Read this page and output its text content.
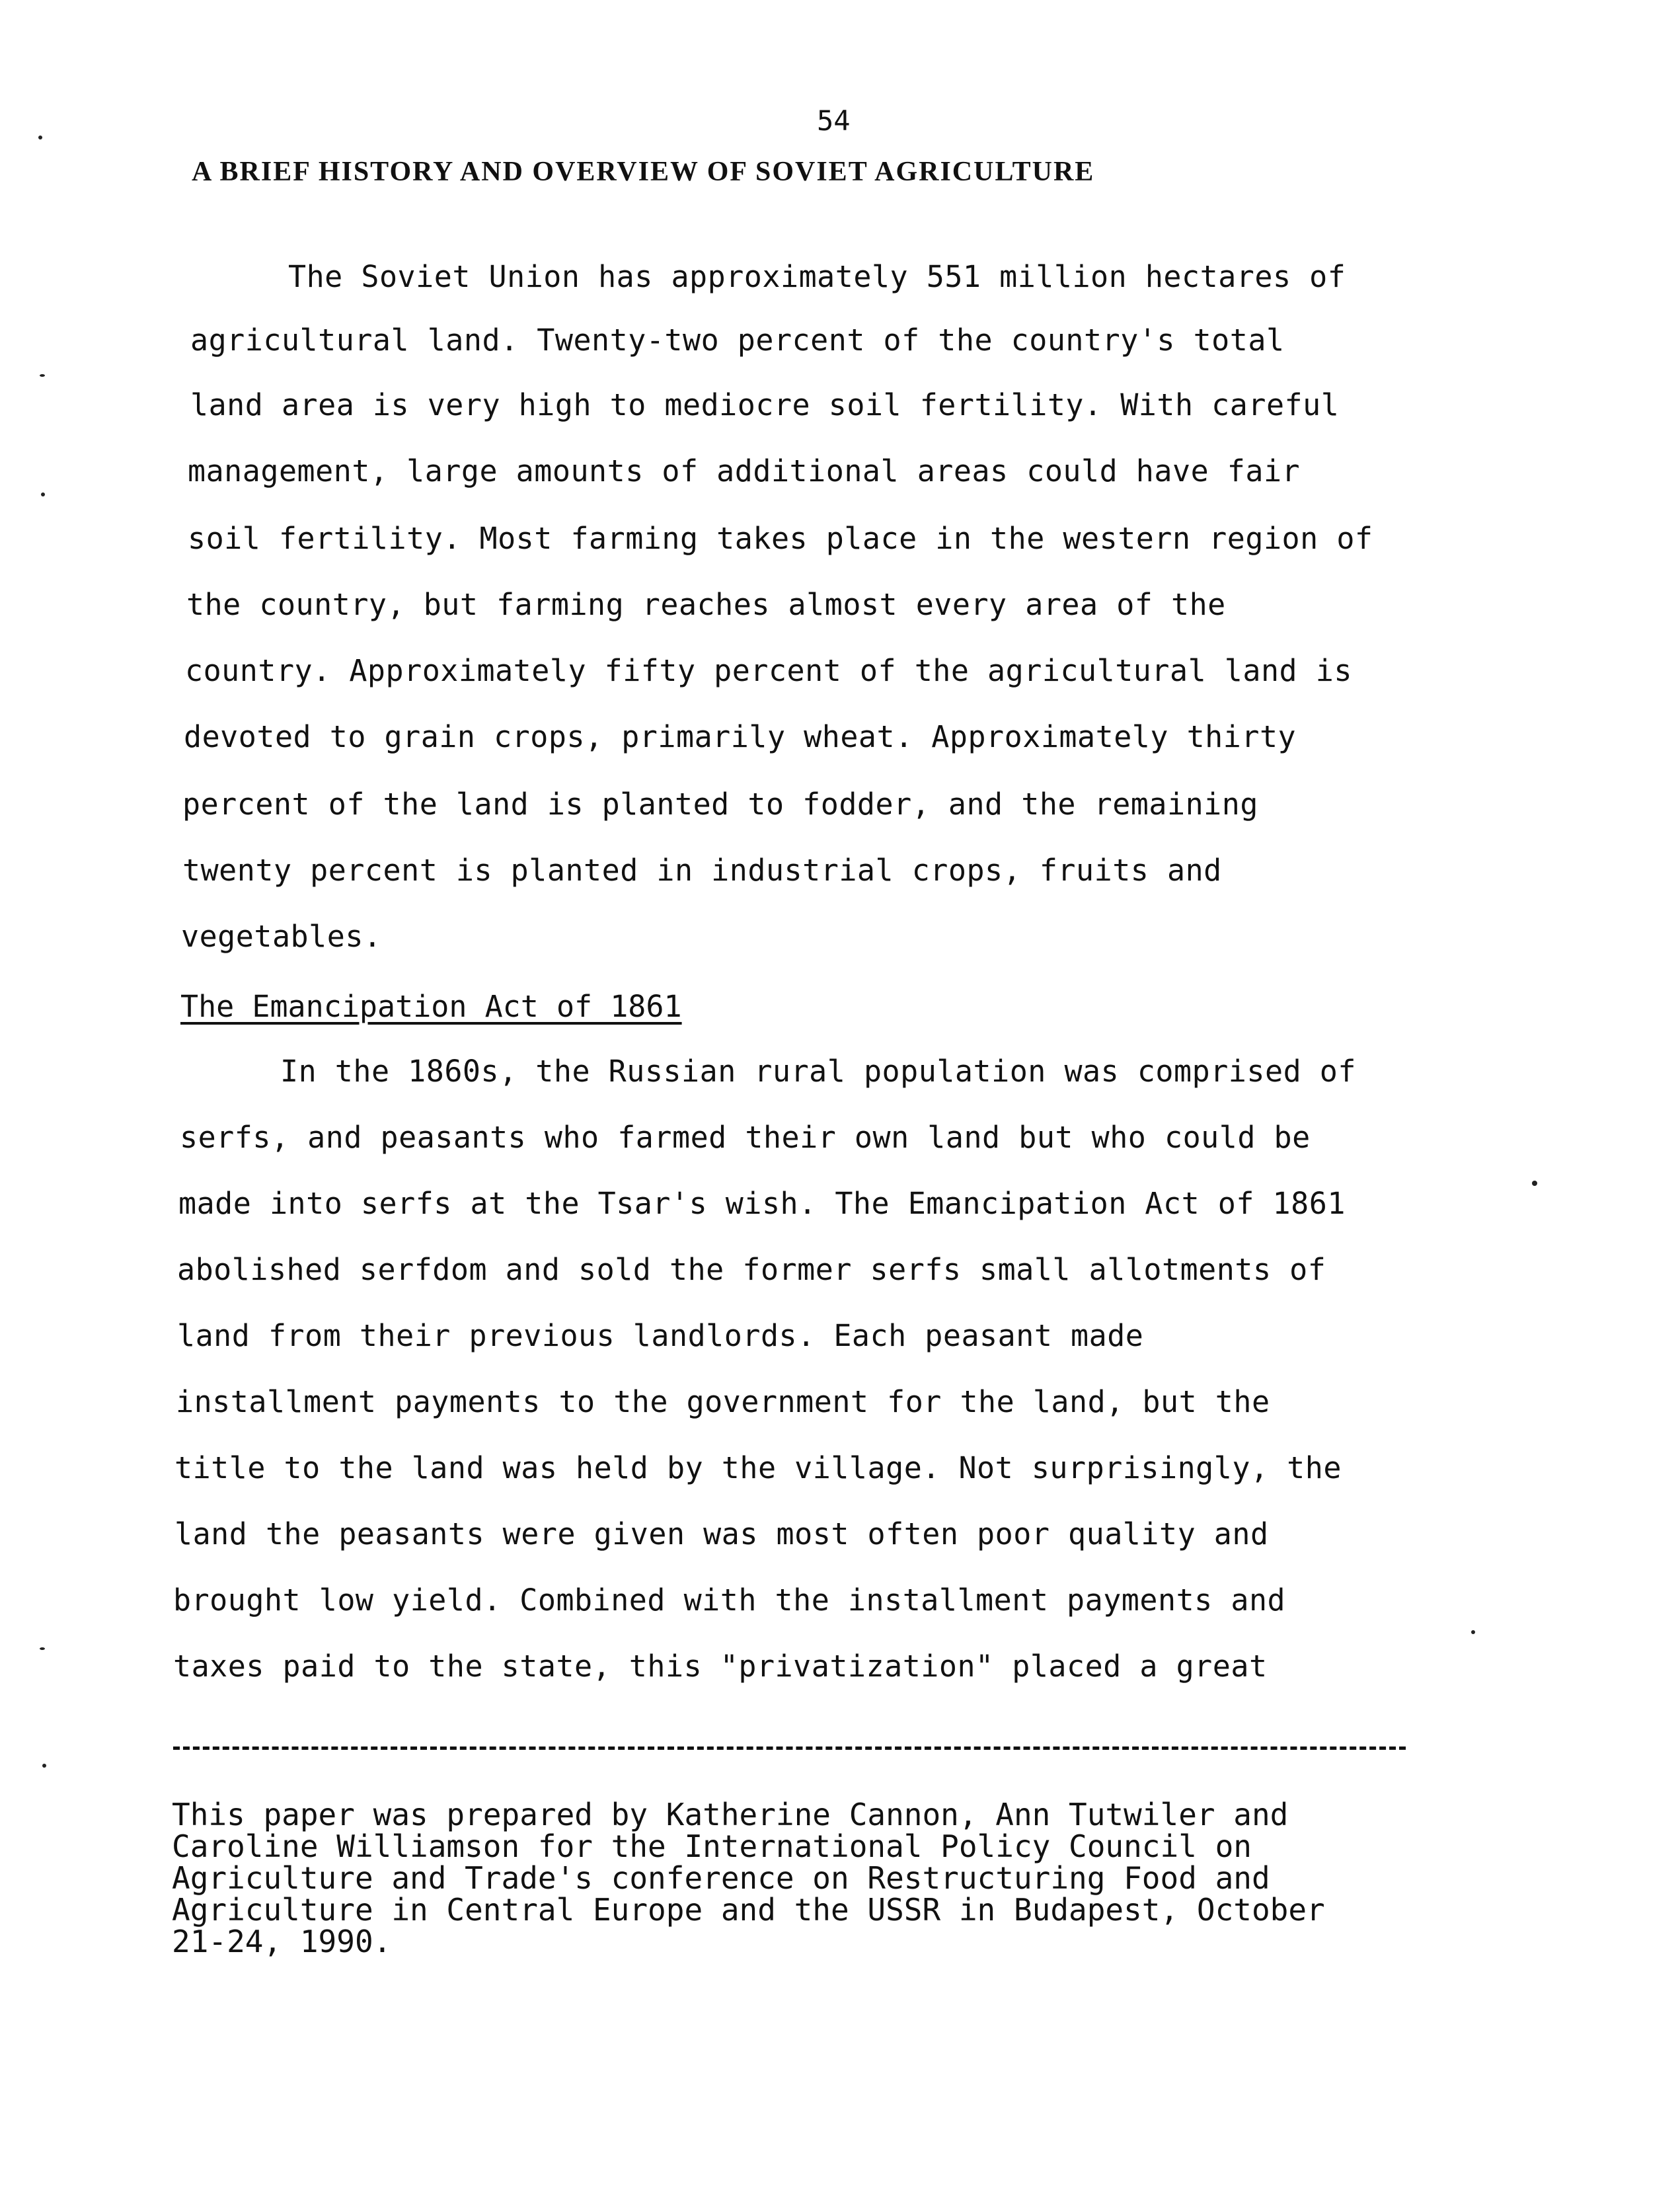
54
A BRIEF HISTORY AND OVERVIEW OF SOVIET AGRICULTURE
The Soviet Union has approximately 551 million hectares of
agricultural land. Twenty-two percent of the country's total
land area is very high to mediocre soil fertility. With careful
management, large amounts of additional areas could have fair
soil fertility. Most farming takes place in the western region of
the country, but farming reaches almost every area of the
country. Approximately fifty percent of the agricultural land is
devoted to grain crops, primarily wheat. Approximately thirty
percent of the land is planted to fodder, and the remaining
twenty percent is planted in industrial crops, fruits and
vegetables.
The Emancipation Act of 1861
In the 1860s, the Russian rural population was comprised of
serfs, and peasants who farmed their own land but who could be
made into serfs at the Tsar's wish. The Emancipation Act of 1861
abolished serfdom and sold the former serfs small allotments of
land from their previous landlords. Each peasant made
installment payments to the government for the land, but the
title to the land was held by the village. Not surprisingly, the
land the peasants were given was most often poor quality and
brought low yield. Combined with the installment payments and
taxes paid to the state, this "privatization" placed a great
This paper was prepared by Katherine Cannon, Ann Tutwiler and
Caroline Williamson for the International Policy Council on
Agriculture and Trade's conference on Restructuring Food and
Agriculture in Central Europe and the USSR in Budapest, October
21-24, 1990.
